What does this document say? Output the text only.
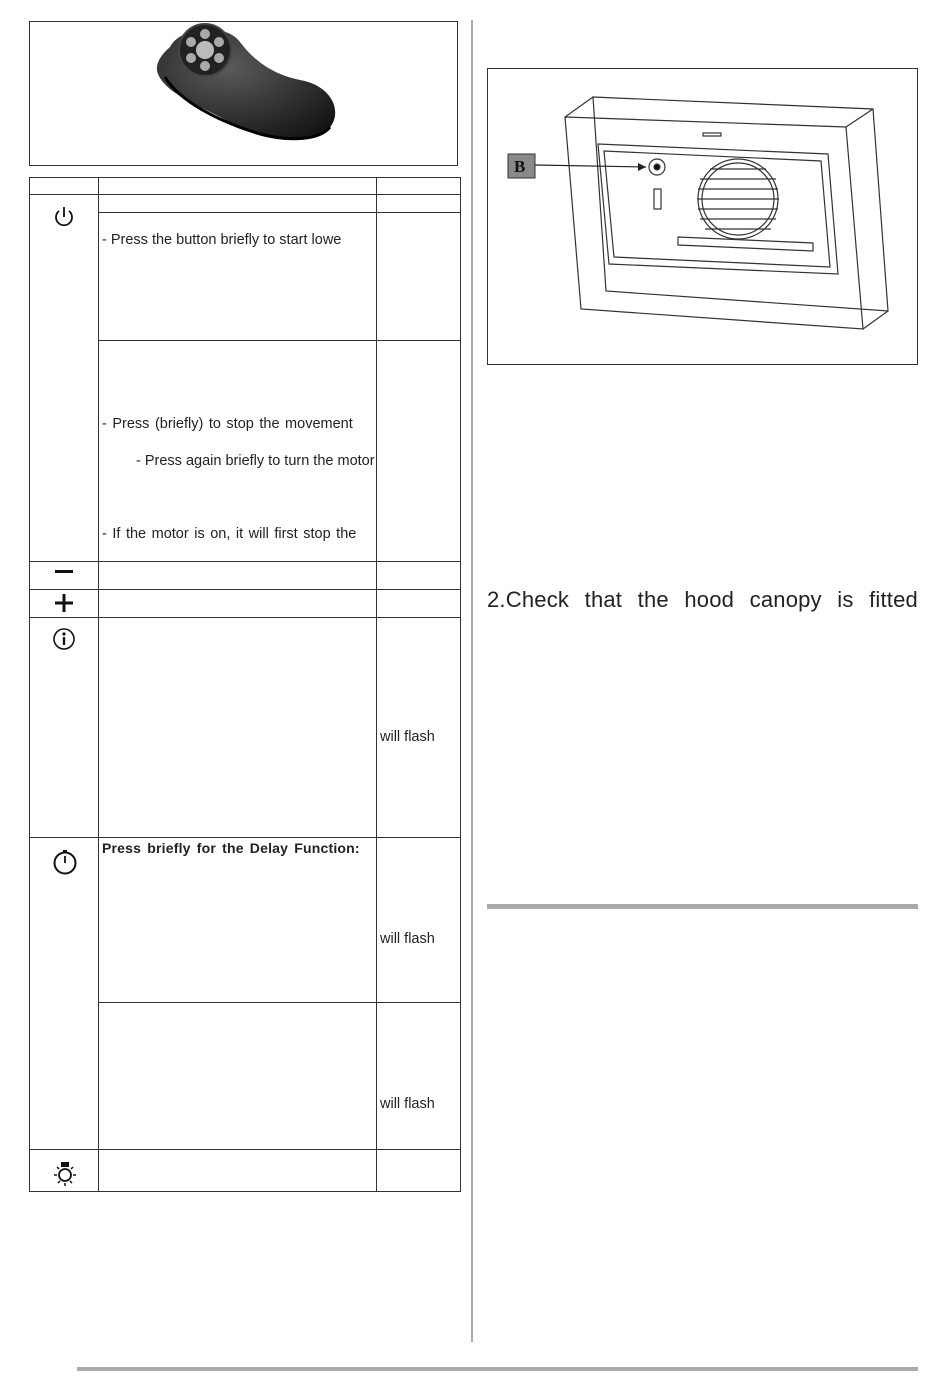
- Press the button briefly to start lowe
- Press (briefly) to stop the movement
- Press again briefly to turn the motor
- If the motor is on, it will first stop the
will flash
Press briefly for the Delay Function:
will flash
will flash
B
2.Check that the hood canopy is fitted
